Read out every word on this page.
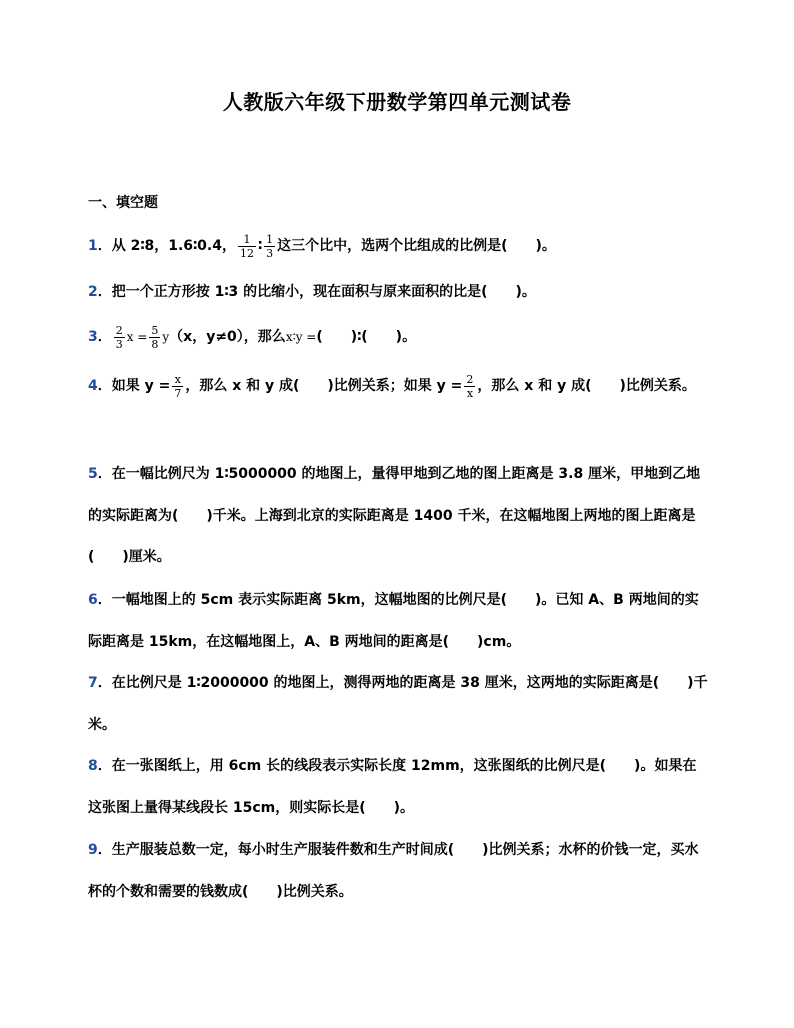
人教版六年级下册数学第四单元测试卷
一、填空题
1．从 2∶8，1.6∶0.4， $\frac{1}{12}$ ∶ $\frac{1}{3}$ 这三个比中，选两个比组成的比例是(　　)。
2．把一个正方形按 1∶3 的比缩小，现在面积与原来面积的比是(　　)。
3． $\frac{2}{3}$ $x = \frac{5}{8} y(x$，y≠0），那么x∶y =(　　)∶(　　)。
4．如果 $y = \frac{x}{7}$ ，那么 x 和 y 成(　　)比例关系；如果 $y = \frac{2}{x}$ ，那么 x 和 y 成(　　)比例关系。
5．在一幅比例尺为 1∶5000000 的地图上，量得甲地到乙地的图上距离是 3.8 厘米，甲地到乙地的实际距离为(　　)千米。上海到北京的实际距离是 1400 千米，在这幅地图上两地的图上距离是(　　)厘米。
6．一幅地图上的 5cm 表示实际距离 5km，这幅地图的比例尺是(　　)。已知 A、B 两地间的实际距离是 15km，在这幅地图上，A、B 两地间的距离是(　　)cm。
7．在比例尺是 1∶2000000 的地图上，测得两地的距离是 38 厘米，这两地的实际距离是(　　)千米。
8．在一张图纸上，用 6cm 长的线段表示实际长度 12mm，这张图纸的比例尺是(　　)。如果在这张图上量得某线段长 15cm，则实际长是(　　)。
9．生产服装总数一定，每小时生产服装件数和生产时间成(　　)比例关系；水杯的价钱一定，买水杯的个数和需要的钱数成(　　)比例关系。
